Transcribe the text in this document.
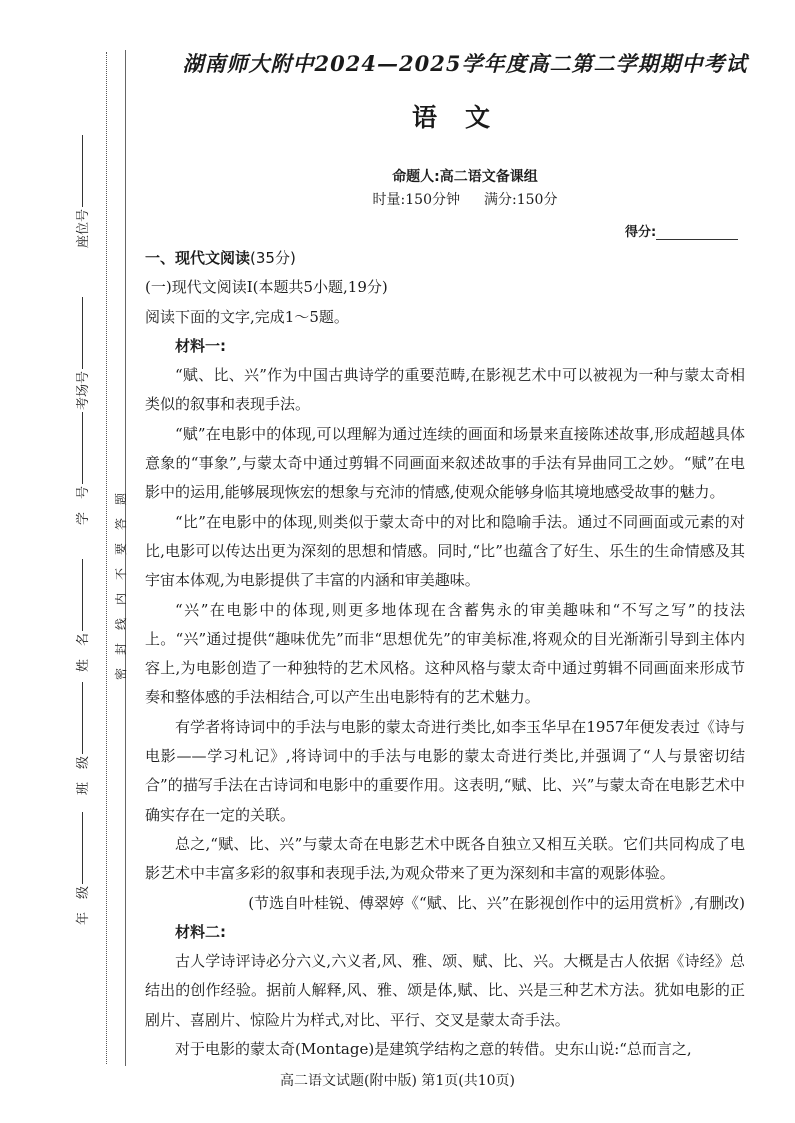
座位号
考场号
学　号
姓　名
班　级
年　级
密封线内不要答题
湖南师大附中2024—2025学年度高二第二学期期中考试
语文
命题人:高二语文备课组
时量:150分钟 满分:150分
得分:

一、现代文阅读(35分)

(一)现代文阅读Ⅰ(本题共5小题,19分)

阅读下面的文字,完成1～5题。

材料一:

“赋、比、兴”作为中国古典诗学的重要范畴,在影视艺术中可以被视为一种与蒙太奇相类似的叙事和表现手法。

“赋”在电影中的体现,可以理解为通过连续的画面和场景来直接陈述故事,形成超越具体意象的“事象”,与蒙太奇中通过剪辑不同画面来叙述故事的手法有异曲同工之妙。“赋”在电影中的运用,能够展现恢宏的想象与充沛的情感,使观众能够身临其境地感受故事的魅力。

“比”在电影中的体现,则类似于蒙太奇中的对比和隐喻手法。通过不同画面或元素的对比,电影可以传达出更为深刻的思想和情感。同时,“比”也蕴含了好生、乐生的生命情感及其宇宙本体观,为电影提供了丰富的内涵和审美趣味。

“兴”在电影中的体现,则更多地体现在含蓄隽永的审美趣味和“不写之写”的技法上。“兴”通过提供“趣味优先”而非“思想优先”的审美标准,将观众的目光渐渐引导到主体内容上,为电影创造了一种独特的艺术风格。这种风格与蒙太奇中通过剪辑不同画面来形成节奏和整体感的手法相结合,可以产生出电影特有的艺术魅力。

有学者将诗词中的手法与电影的蒙太奇进行类比,如李玉华早在1957年便发表过《诗与电影——学习札记》,将诗词中的手法与电影的蒙太奇进行类比,并强调了“人与景密切结合”的描写手法在古诗词和电影中的重要作用。这表明,“赋、比、兴”与蒙太奇在电影艺术中确实存在一定的关联。

总之,“赋、比、兴”与蒙太奇在电影艺术中既各自独立又相互关联。它们共同构成了电影艺术中丰富多彩的叙事和表现手法,为观众带来了更为深刻和丰富的观影体验。

(节选自叶桂锐、傅翠婷《“赋、比、兴”在影视创作中的运用赏析》,有删改)

材料二:

古人学诗评诗必分六义,六义者,风、雅、颂、赋、比、兴。大概是古人依据《诗经》总结出的创作经验。据前人解释,风、雅、颂是体,赋、比、兴是三种艺术方法。犹如电影的正剧片、喜剧片、惊险片为样式,对比、平行、交叉是蒙太奇手法。

对于电影的蒙太奇(Montage)是建筑学结构之意的转借。史东山说:“总而言之,

高二语文试题(附中版) 第1页(共10页)
